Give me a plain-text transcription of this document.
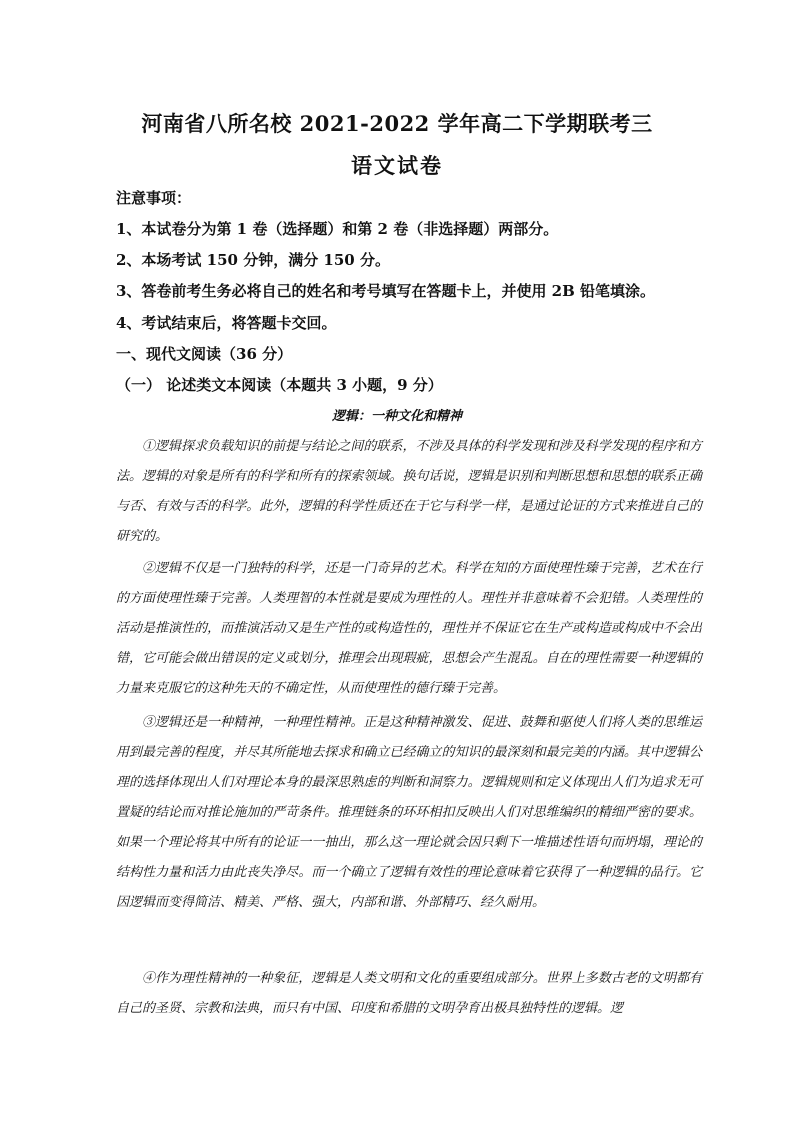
河南省八所名校 2021-2022 学年高二下学期联考三
语文试卷
注意事项：
1、本试卷分为第 1 卷（选择题）和第 2 卷（非选择题）两部分。
2、本场考试 150 分钟，满分 150 分。
3、答卷前考生务必将自己的姓名和考号填写在答题卡上，并使用 2B 铅笔填涂。
4、考试结束后，将答题卡交回。
一、现代文阅读（36 分）
（一） 论述类文本阅读（本题共 3 小题，9 分）
逻辑：一种文化和精神

①逻辑探求负载知识的前提与结论之间的联系，不涉及具体的科学发现和涉及科学发现的程序和方法。逻辑的对象是所有的科学和所有的探索领域。换句话说，逻辑是识别和判断思想和思想的联系正确与否、有效与否的科学。此外，逻辑的科学性质还在于它与科学一样，是通过论证的方式来推进自己的研究的。

②逻辑不仅是一门独特的科学，还是一门奇异的艺术。科学在知的方面使理性臻于完善，艺术在行的方面使理性臻于完善。人类理智的本性就是要成为理性的人。理性并非意味着不会犯错。人类理性的活动是推演性的，而推演活动又是生产性的或构造性的，理性并不保证它在生产或构造或构成中不会出错，它可能会做出错误的定义或划分，推理会出现瑕疵，思想会产生混乱。自在的理性需要一种逻辑的力量来克服它的这种先天的不确定性，从而使理性的德行臻于完善。

③逻辑还是一种精神，一种理性精神。正是这种精神激发、促进、鼓舞和驱使人们将人类的思维运用到最完善的程度，并尽其所能地去探求和确立已经确立的知识的最深刻和最完美的内涵。其中逻辑公理的选择体现出人们对理论本身的最深思熟虑的判断和洞察力。逻辑规则和定义体现出人们为追求无可置疑的结论而对推论施加的严苛条件。推理链条的环环相扣反映出人们对思维编织的精细严密的要求。如果一个理论将其中所有的论证一一抽出，那么这一理论就会因只剩下一堆描述性语句而坍塌，理论的结构性力量和活力由此丧失净尽。而一个确立了逻辑有效性的理论意味着它获得了一种逻辑的品行。它因逻辑而变得简洁、精美、严格、强大，内部和谐、外部精巧、经久耐用。

④作为理性精神的一种象征，逻辑是人类文明和文化的重要组成部分。世界上多数古老的文明都有自己的圣贤、宗教和法典，而只有中国、印度和希腊的文明孕育出极具独特性的逻辑。逻
